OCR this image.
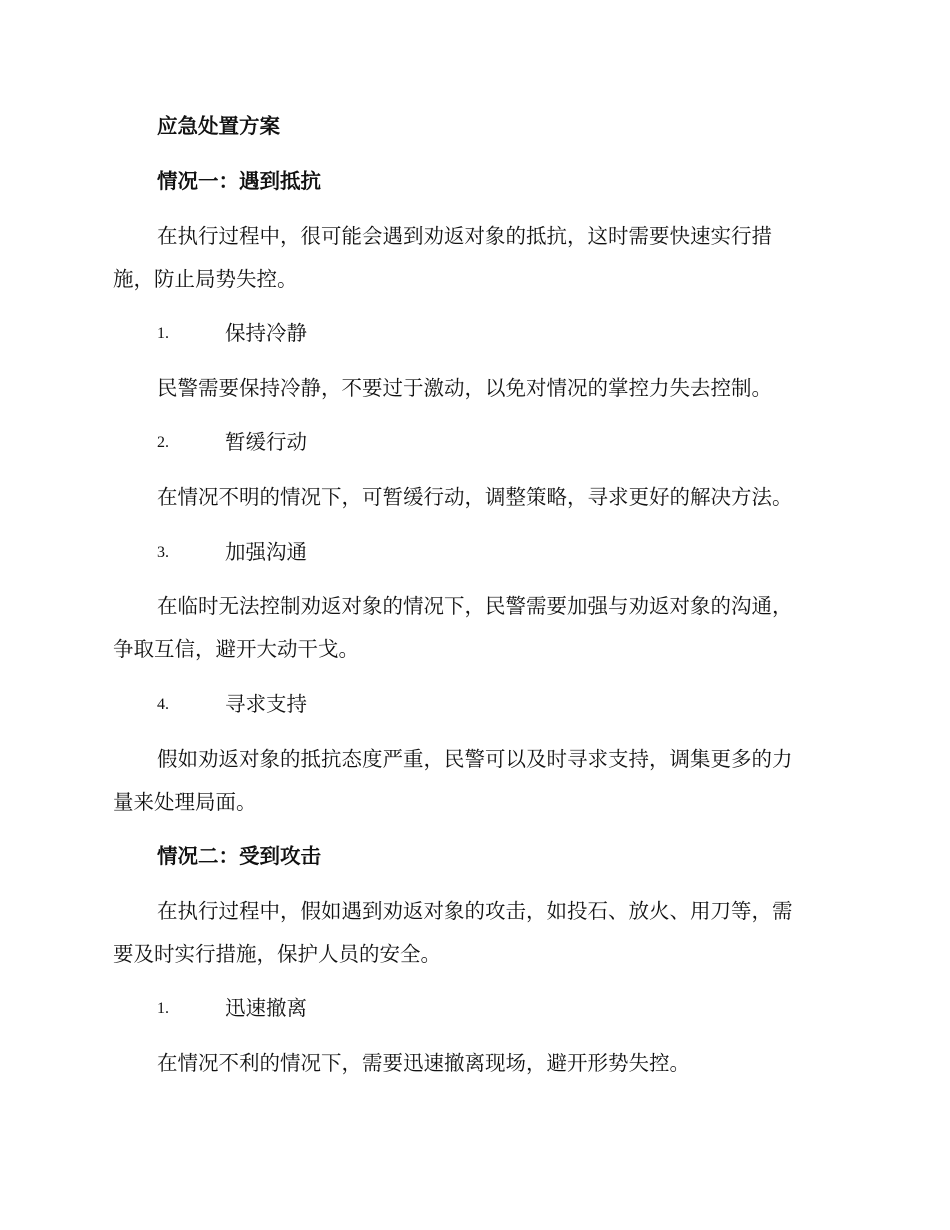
应急处置方案
情况一：遇到抵抗
在执行过程中，很可能会遇到劝返对象的抵抗，这时需要快速实行措
施，防止局势失控。
1.	保持冷静
民警需要保持冷静，不要过于激动，以免对情况的掌控力失去控制。
2.	暂缓行动
在情况不明的情况下，可暂缓行动，调整策略，寻求更好的解决方法。
3.	加强沟通
在临时无法控制劝返对象的情况下，民警需要加强与劝返对象的沟通，
争取互信，避开大动干戈。
4.	寻求支持
假如劝返对象的抵抗态度严重，民警可以及时寻求支持，调集更多的力
量来处理局面。
情况二：受到攻击
在执行过程中，假如遇到劝返对象的攻击，如投石、放火、用刀等，需
要及时实行措施，保护人员的安全。
1.	迅速撤离
在情况不利的情况下，需要迅速撤离现场，避开形势失控。
